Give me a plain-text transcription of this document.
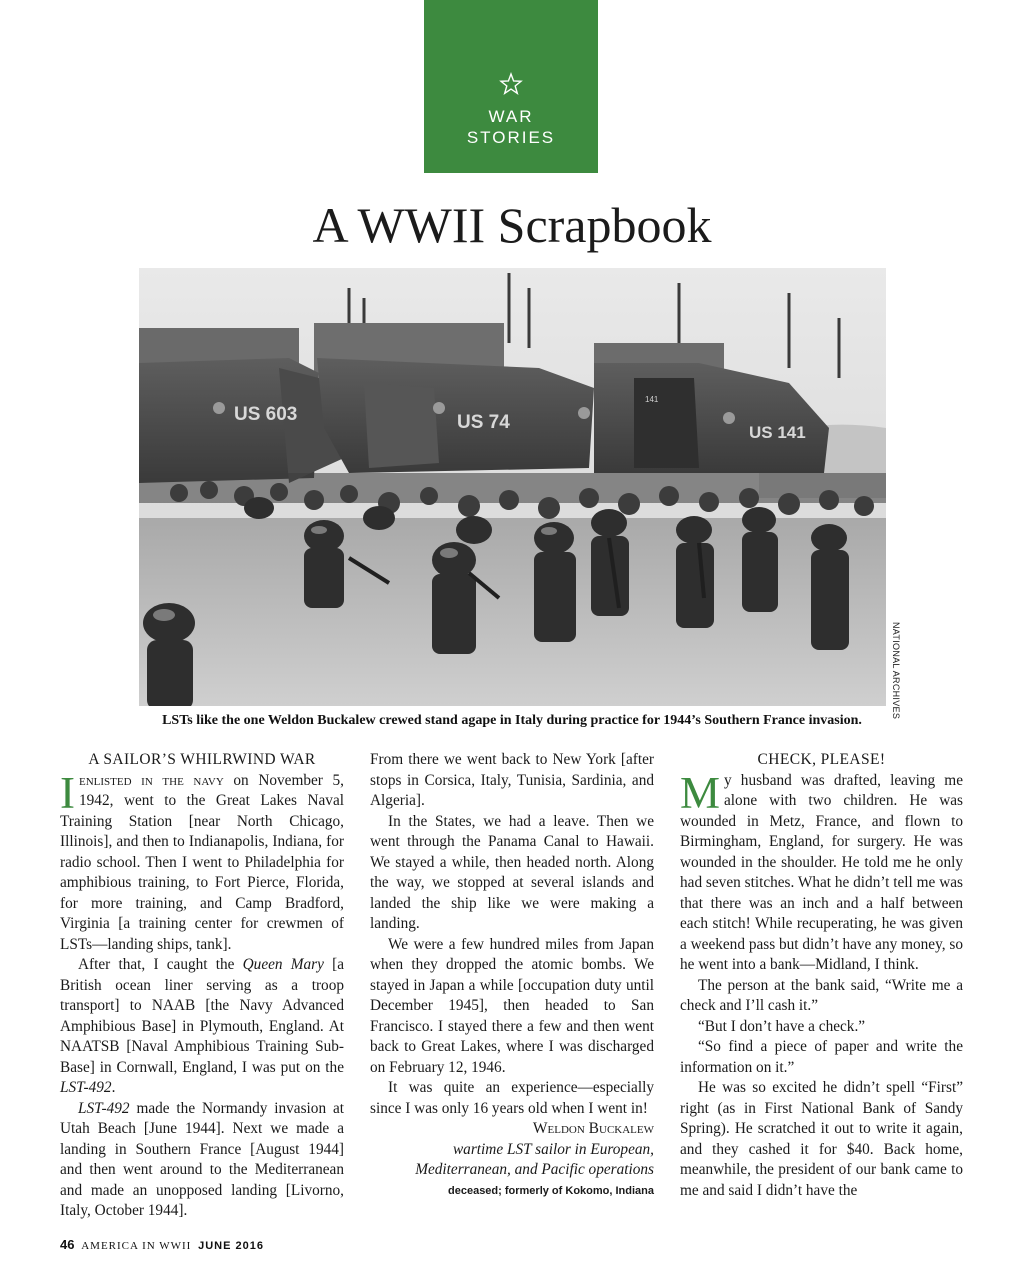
WAR
STORIES
A WWII Scrapbook
US 603	US 74
141
US 141
NATIONAL ARCHIVES
LSTs like the one Weldon Buckalew crewed stand agape in Italy during practice for 1944’s Southern France invasion.

A SAILOR’S WHILRWIND WAR

Ienlisted in the navy on November 5, 1942, went to the Great Lakes Naval Training Station [near North Chicago, Illinois], and then to Indianapolis, Indiana, for radio school. Then I went to Philadelphia for amphibious training, to Fort Pierce, Florida, for more training, and Camp Bradford, Virginia [a training center for crewmen of LSTs—landing ships, tank].

After that, I caught the Queen Mary [a British ocean liner serving as a troop transport] to NAAB [the Navy Advanced Amphibious Base] in Plymouth, England. At NAATSB [Naval Amphibious Training Sub-Base] in Cornwall, England, I was put on the LST-492.

LST-492 made the Normandy invasion at Utah Beach [June 1944]. Next we made a landing in Southern France [August 1944] and then went around to the Mediterranean and made an unopposed landing [Livorno, Italy, October 1944].

From there we went back to New York [after stops in Corsica, Italy, Tunisia, Sardinia, and Algeria].

In the States, we had a leave. Then we went through the Panama Canal to Hawaii. We stayed a while, then headed north. Along the way, we stopped at several islands and landed the ship like we were making a landing.

We were a few hundred miles from Japan when they dropped the atomic bombs. We stayed in Japan a while [occupation duty until December 1945], then headed to San Francisco. I stayed there a few and then went back to Great Lakes, where I was discharged on February 12, 1946.

It was quite an experience—especially since I was only 16 years old when I went in!

Weldon Buckalew

wartime LST sailor in European,

Mediterranean, and Pacific operations

deceased; formerly of Kokomo, Indiana

CHECK, PLEASE!

My husband was drafted, leaving me alone with two children. He was wounded in Metz, France, and flown to Birmingham, England, for surgery. He was wounded in the shoulder. He told me he only had seven stitches. What he didn’t tell me was that there was an inch and a half between each stitch! While recuperating, he was given a weekend pass but didn’t have any money, so he went into a bank—Midland, I think.

The person at the bank said, “Write me a check and I’ll cash it.”

“But I don’t have a check.”

“So find a piece of paper and write the information on it.”

He was so excited he didn’t spell “First” right (as in First National Bank of Sandy Spring). He scratched it out to write it again, and they cashed it for $40. Back home, meanwhile, the president of our bank came to me and said I didn’t have the

46 AMERICA IN WWII JUNE 2016
